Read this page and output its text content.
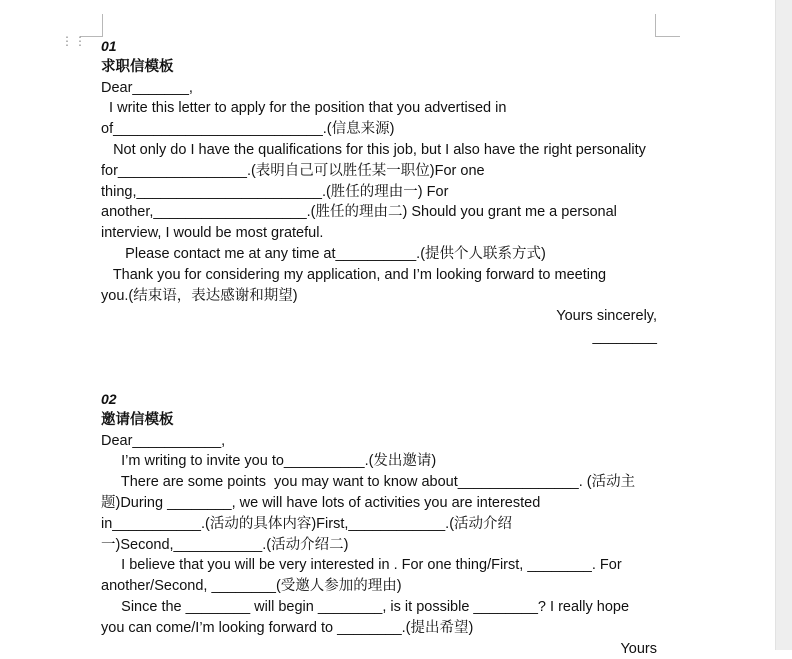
⋮⋮ 01
求职信模板
Dear_______,
I write this letter to apply for the position that you advertised in
of__________________________.(信息来源)
Not only do I have the qualifications for this job, but I also have the right personality
for________________.(表明自己可以胜任某一职位)For one
thing,_______________________.(胜任的理由一) For
another,___________________.(胜任的理由二) Should you grant me a personal
interview, I would be most grateful.
Please contact me at any time at__________.(提供个人联系方式)
Thank you for considering my application, and I’m looking forward to meeting
you.(结束语，表达感谢和期望)
Yours sincerely,
________
02
邀请信模板
Dear___________,
I’m writing to invite you to__________.(发出邀请)
There are some points  you may want to know about_______________. (活动主
题)During ________, we will have lots of activities you are interested
in___________.(活动的具体内容)First,____________.(活动介绍
一)Second,___________.(活动介绍二)
I believe that you will be very interested in . For one thing/First, ________. For
another/Second, ________(受邀人参加的理由)
Since the ________ will begin ________, is it possible ________? I really hope
you can come/I’m looking forward to ________.(提出希望)
Yours
